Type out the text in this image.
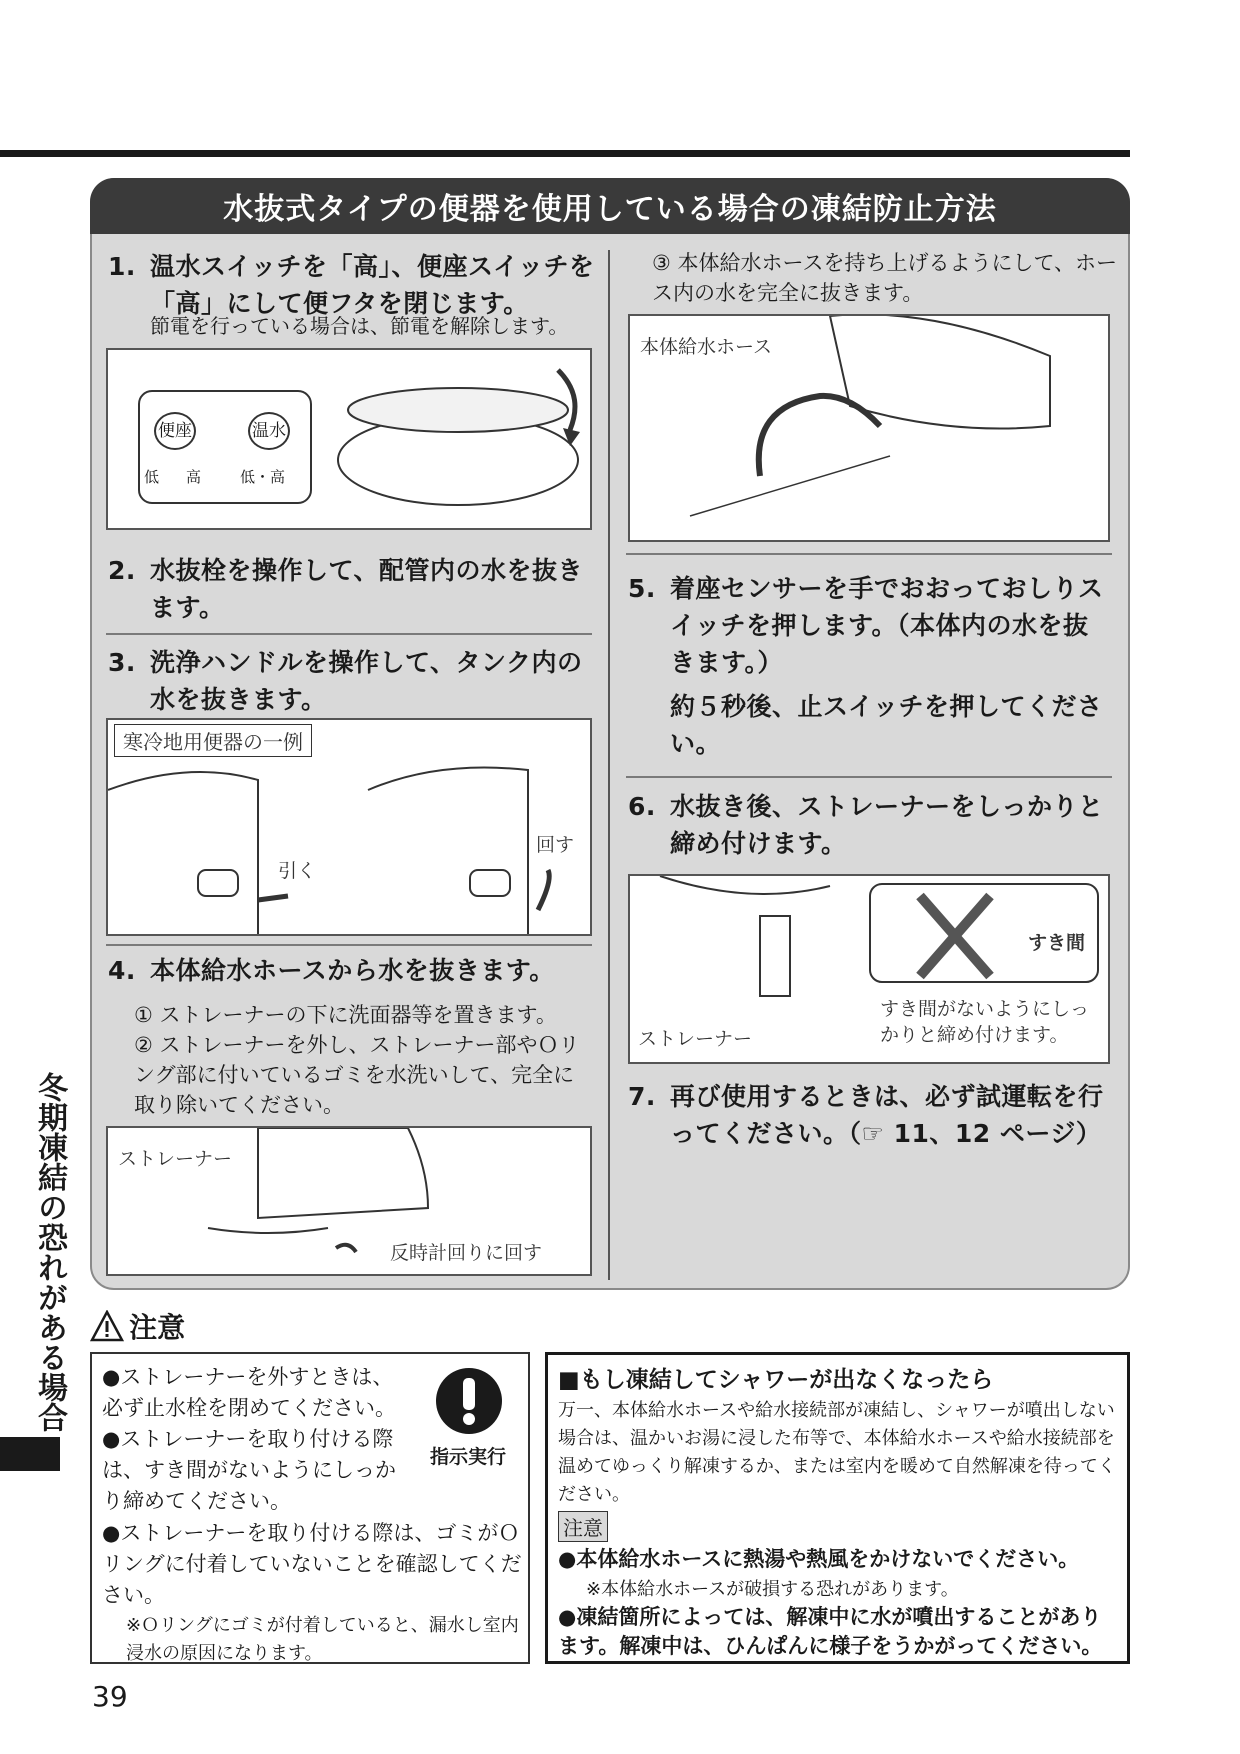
水抜式タイプの便器を使用している場合の凍結防止方法
1. 温水スイッチを「高」、便座スイッチを「高」にして便フタを閉じます。
節電を行っている場合は、節電を解除します。
便座	温水
低 高	低・高
2. 水抜栓を操作して、配管内の水を抜きます。
3. 洗浄ハンドルを操作して、タンク内の水を抜きます。
寒冷地用便器の一例
引く
回す
4. 本体給水ホースから水を抜きます。
① ストレーナーの下に洗面器等を置きます。
② ストレーナーを外し、ストレーナー部やＯリング部に付いているゴミを水洗いして、完全に取り除いてください。
ストレーナー
反時計回りに回す
③ 本体給水ホースを持ち上げるようにして、ホース内の水を完全に抜きます。
本体給水ホース
5. 着座センサーを手でおおっておしりスイッチを押します。（本体内の水を抜きます。）
約５秒後、止スイッチを押してください。
6. 水抜き後、ストレーナーをしっかりと締め付けます。
すき間
すき間がないようにしっかりと締め付けます。
ストレーナー
7. 再び使用するときは、必ず試運転を行ってください。（☞ 11、12 ページ）
冬期凍結の恐れがある場合	注意
●ストレーナーを外すときは、必ず止水栓を閉めてください。
●ストレーナーを取り付ける際は、すき間がないようにしっかり締めてください。
●ストレーナーを取り付ける際は、ゴミがＯリングに付着していないことを確認してください。
※Ｏリングにゴミが付着していると、漏水し室内浸水の原因になります。
指示実行
■もし凍結してシャワーが出なくなったら
万一、本体給水ホースや給水接続部が凍結し、シャワーが噴出しない場合は、温かいお湯に浸した布等で、本体給水ホースや給水接続部を温めてゆっくり解凍するか、または室内を暖めて自然解凍を待ってください。
注意
●本体給水ホースに熱湯や熱風をかけないでください。
※本体給水ホースが破損する恐れがあります。
●凍結箇所によっては、解凍中に水が噴出することがあります。解凍中は、ひんぱんに様子をうかがってください。
39
